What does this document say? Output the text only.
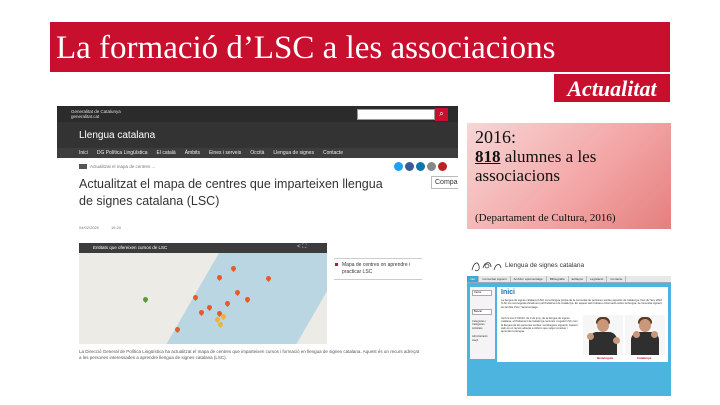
La formació d’LSC a les associacions
Actualitat
Generalitat de Catalunya
generalitat.cat	⌕
Llengua catalana
Inici DG Política Lingüística El català Àmbits Eines i serveis Occità Llengua de signes Contacte
Actualitzat el mapa de centres ...
Actualitzat el mapa de centres que imparteixen llengua de signes catalana (LSC)
Compa
04/02/2020	15:20
Entitats que ofereixen cursos de LSC	< ⛶
Mapa de centres on aprendre i practicar LSC
La Direcció General de Política Lingüística ha actualitzat el mapa de centres que imparteixen cursos i formació en llengua de signes catalana. Aquest és un recurs adreçat a les persones interessades a aprendre llengua de signes catalana (LSC).
2016:
818 alumnes a les
associacions
(Departament de Cultura, 2016)
Llengua de signes catalana
Inici	Comunitat signant	Ambits i aprenentatge	Bibliografia	Enllaços	Legislació	Contacte
Cerca
Buscar
Categories / Categories
Activitats
Administració
Llaçó
Inici
La llengua de signes catalana (LSC) és la llengua pròpia de la comunitat de persones sordes signants de Catalunya. Des de l'any 2010 l'LSC és reconeguda oficialment pel Parlament de Catalunya. En aquest web trobareu informació sobre la llengua, la comunitat signant, els àmbits d'ús i l'aprenentatge.
Amb la Llei 17/2010, de 3 de juny, de la llengua de signes catalana, el Parlament de Catalunya reconeix i regula l'LSC com la llengua de les persones sordes i sordcegues signants. Aquest web és un recurs adreçat a tothom que vulgui conèixer i aprendre la llengua.
Benvinguts	Catalunya
